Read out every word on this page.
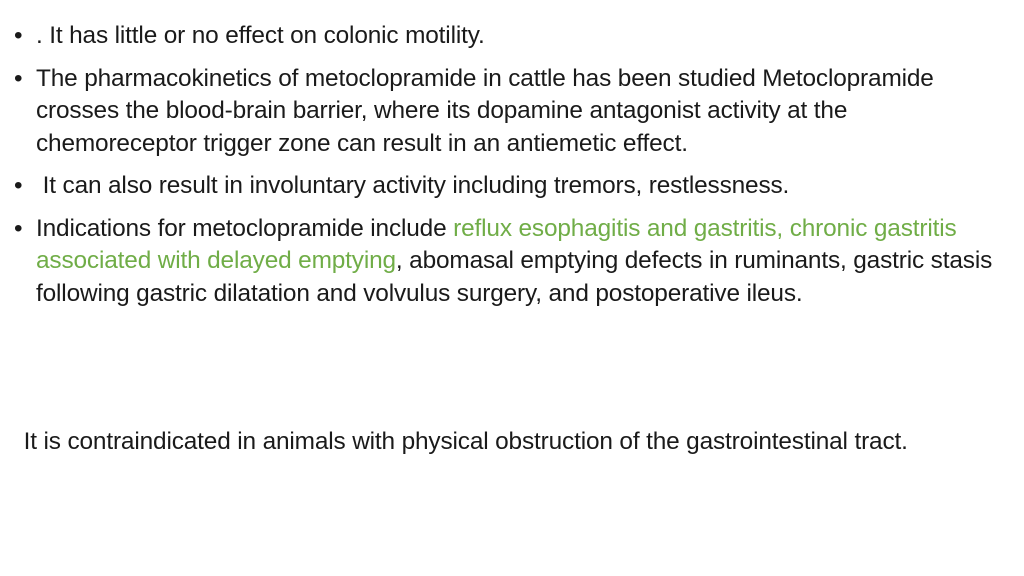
• . It has little or no effect on colonic motility.
• The pharmacokinetics of metoclopramide in cattle has been studied Metoclopramide crosses the blood-brain barrier, where its dopamine antagonist activity at the chemoreceptor trigger zone can result in an antiemetic effect.
• It can also result in involuntary activity including tremors, restlessness.
• Indications for metoclopramide include reflux esophagitis and gastritis, chronic gastritis associated with delayed emptying, abomasal emptying defects in ruminants, gastric stasis following gastric dilatation and volvulus surgery, and postoperative ileus.

It is contraindicated in animals with physical obstruction of the gastrointestinal tract.
